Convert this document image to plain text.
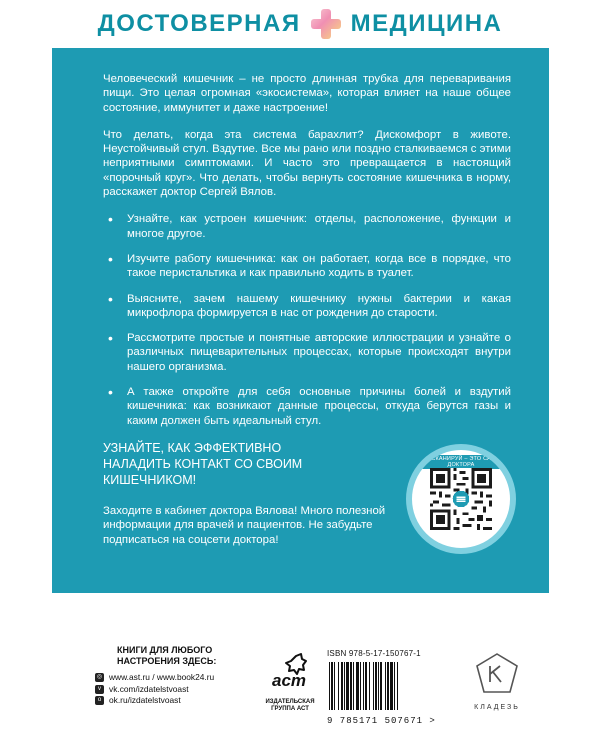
ДОСТОВЕРНАЯ МЕДИЦИНА

Человеческий кишечник – не просто длинная трубка для переваривания пищи. Это целая огромная «экосистема», которая влияет на наше общее состояние, иммунитет и даже настроение!

Что делать, когда эта система барахлит? Дискомфорт в животе. Неустойчивый стул. Вздутие. Все мы рано или поздно сталкиваемся с этими неприятными симптомами. И часто это превращается в настоящий «порочный круг». Что делать, чтобы вернуть состояние кишечника в норму, расскажет доктор Сергей Вялов.

• Узнайте, как устроен кишечник: отделы, расположение, функции и многое другое.
• Изучите работу кишечника: как он работает, когда все в порядке, что такое перистальтика и как правильно ходить в туалет.
• Выясните, зачем нашему кишечнику нужны бактерии и какая микрофлора формируется в нас от рождения до старости.
• Рассмотрите простые и понятные авторские иллюстрации и узнайте о различных пищеварительных процессах, которые происходят внутри нашего организма.
• А также откройте для себя основные причины болей и вздутий кишечника: как возникают данные процессы, откуда берутся газы и каким должен быть идеальный стул.

УЗНАЙТЕ, КАК ЭФФЕКТИВНО НАЛАДИТЬ КОНТАКТ СО СВОИМ КИШЕЧНИКОМ!

Заходите в кабинет доктора Вялова! Много полезной информации для врачей и пациентов. Не забудьте подписаться на соцсети доктора!

ОТСКАНИРУЙ – ЭТО САЙТ ДОКТОРА
КНИГИ ДЛЯ ЛЮБОГО НАСТРОЕНИЯ ЗДЕСЬ:
◎ www.ast.ru / www.book24.ru
v vk.com/izdatelstvoast
o ok.ru/izdatelstvoast
аст
ИЗДАТЕЛЬСКАЯ
ГРУППА АСТ
ISBN 978-5-17-150767-1
9 785171 507671 >
КЛАДЕЗЬ
